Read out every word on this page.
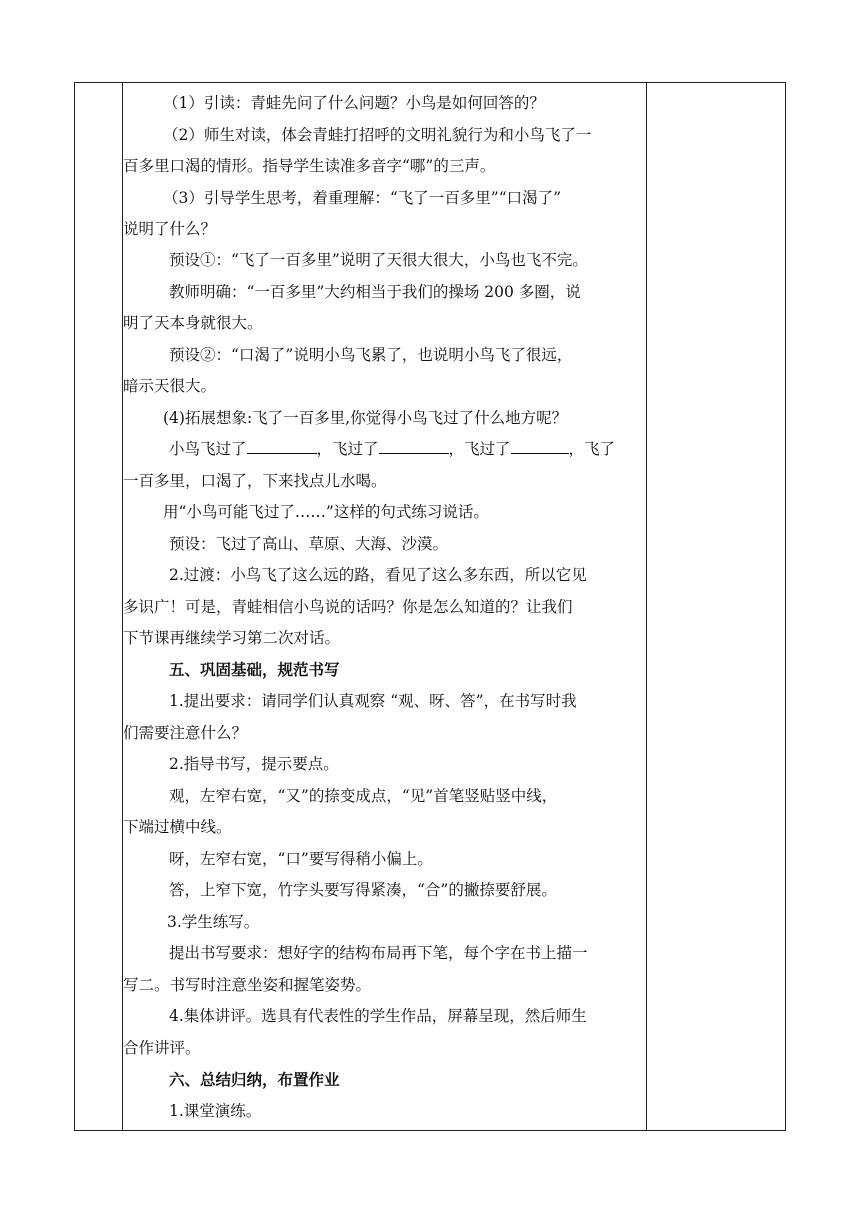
（1）引读：青蛙先问了什么问题？小鸟是如何回答的？
（2）师生对读，体会青蛙打招呼的文明礼貌行为和小鸟飞了一
百多里口渴的情形。指导学生读准多音字“哪”的三声。
（3）引导学生思考，着重理解：“飞了一百多里”“口渴了”
说明了什么？
预设①：“飞了一百多里”说明了天很大很大，小鸟也飞不完。
教师明确：“一百多里”大约相当于我们的操场 200 多圈，说
明了天本身就很大。
预设②：“口渴了”说明小鸟飞累了，也说明小鸟飞了很远，
暗示天很大。
(4)拓展想象:飞了一百多里,你觉得小鸟飞过了什么地方呢？
小鸟飞过了	，飞过了	，飞过了	，飞了
一百多里，口渴了，下来找点儿水喝。
用“小鸟可能飞过了……”这样的句式练习说话。
预设：飞过了高山、草原、大海、沙漠。
2.过渡：小鸟飞了这么远的路，看见了这么多东西，所以它见
多识广！可是，青蛙相信小鸟说的话吗？你是怎么知道的？让我们
下节课再继续学习第二次对话。
五、巩固基础，规范书写
1.提出要求：请同学们认真观察 “观、呀、答”，在书写时我
们需要注意什么？
2.指导书写，提示要点。
观，左窄右宽，“又”的捺变成点，“见”首笔竖贴竖中线，
下端过横中线。
呀，左窄右宽，“口”要写得稍小偏上。
答，上窄下宽，竹字头要写得紧凑，“合”的撇捺要舒展。
3.学生练写。
提出书写要求：想好字的结构布局再下笔，每个字在书上描一
写二。书写时注意坐姿和握笔姿势。
4.集体讲评。选具有代表性的学生作品，屏幕呈现，然后师生
合作讲评。
六、总结归纳，布置作业
1.课堂演练。
